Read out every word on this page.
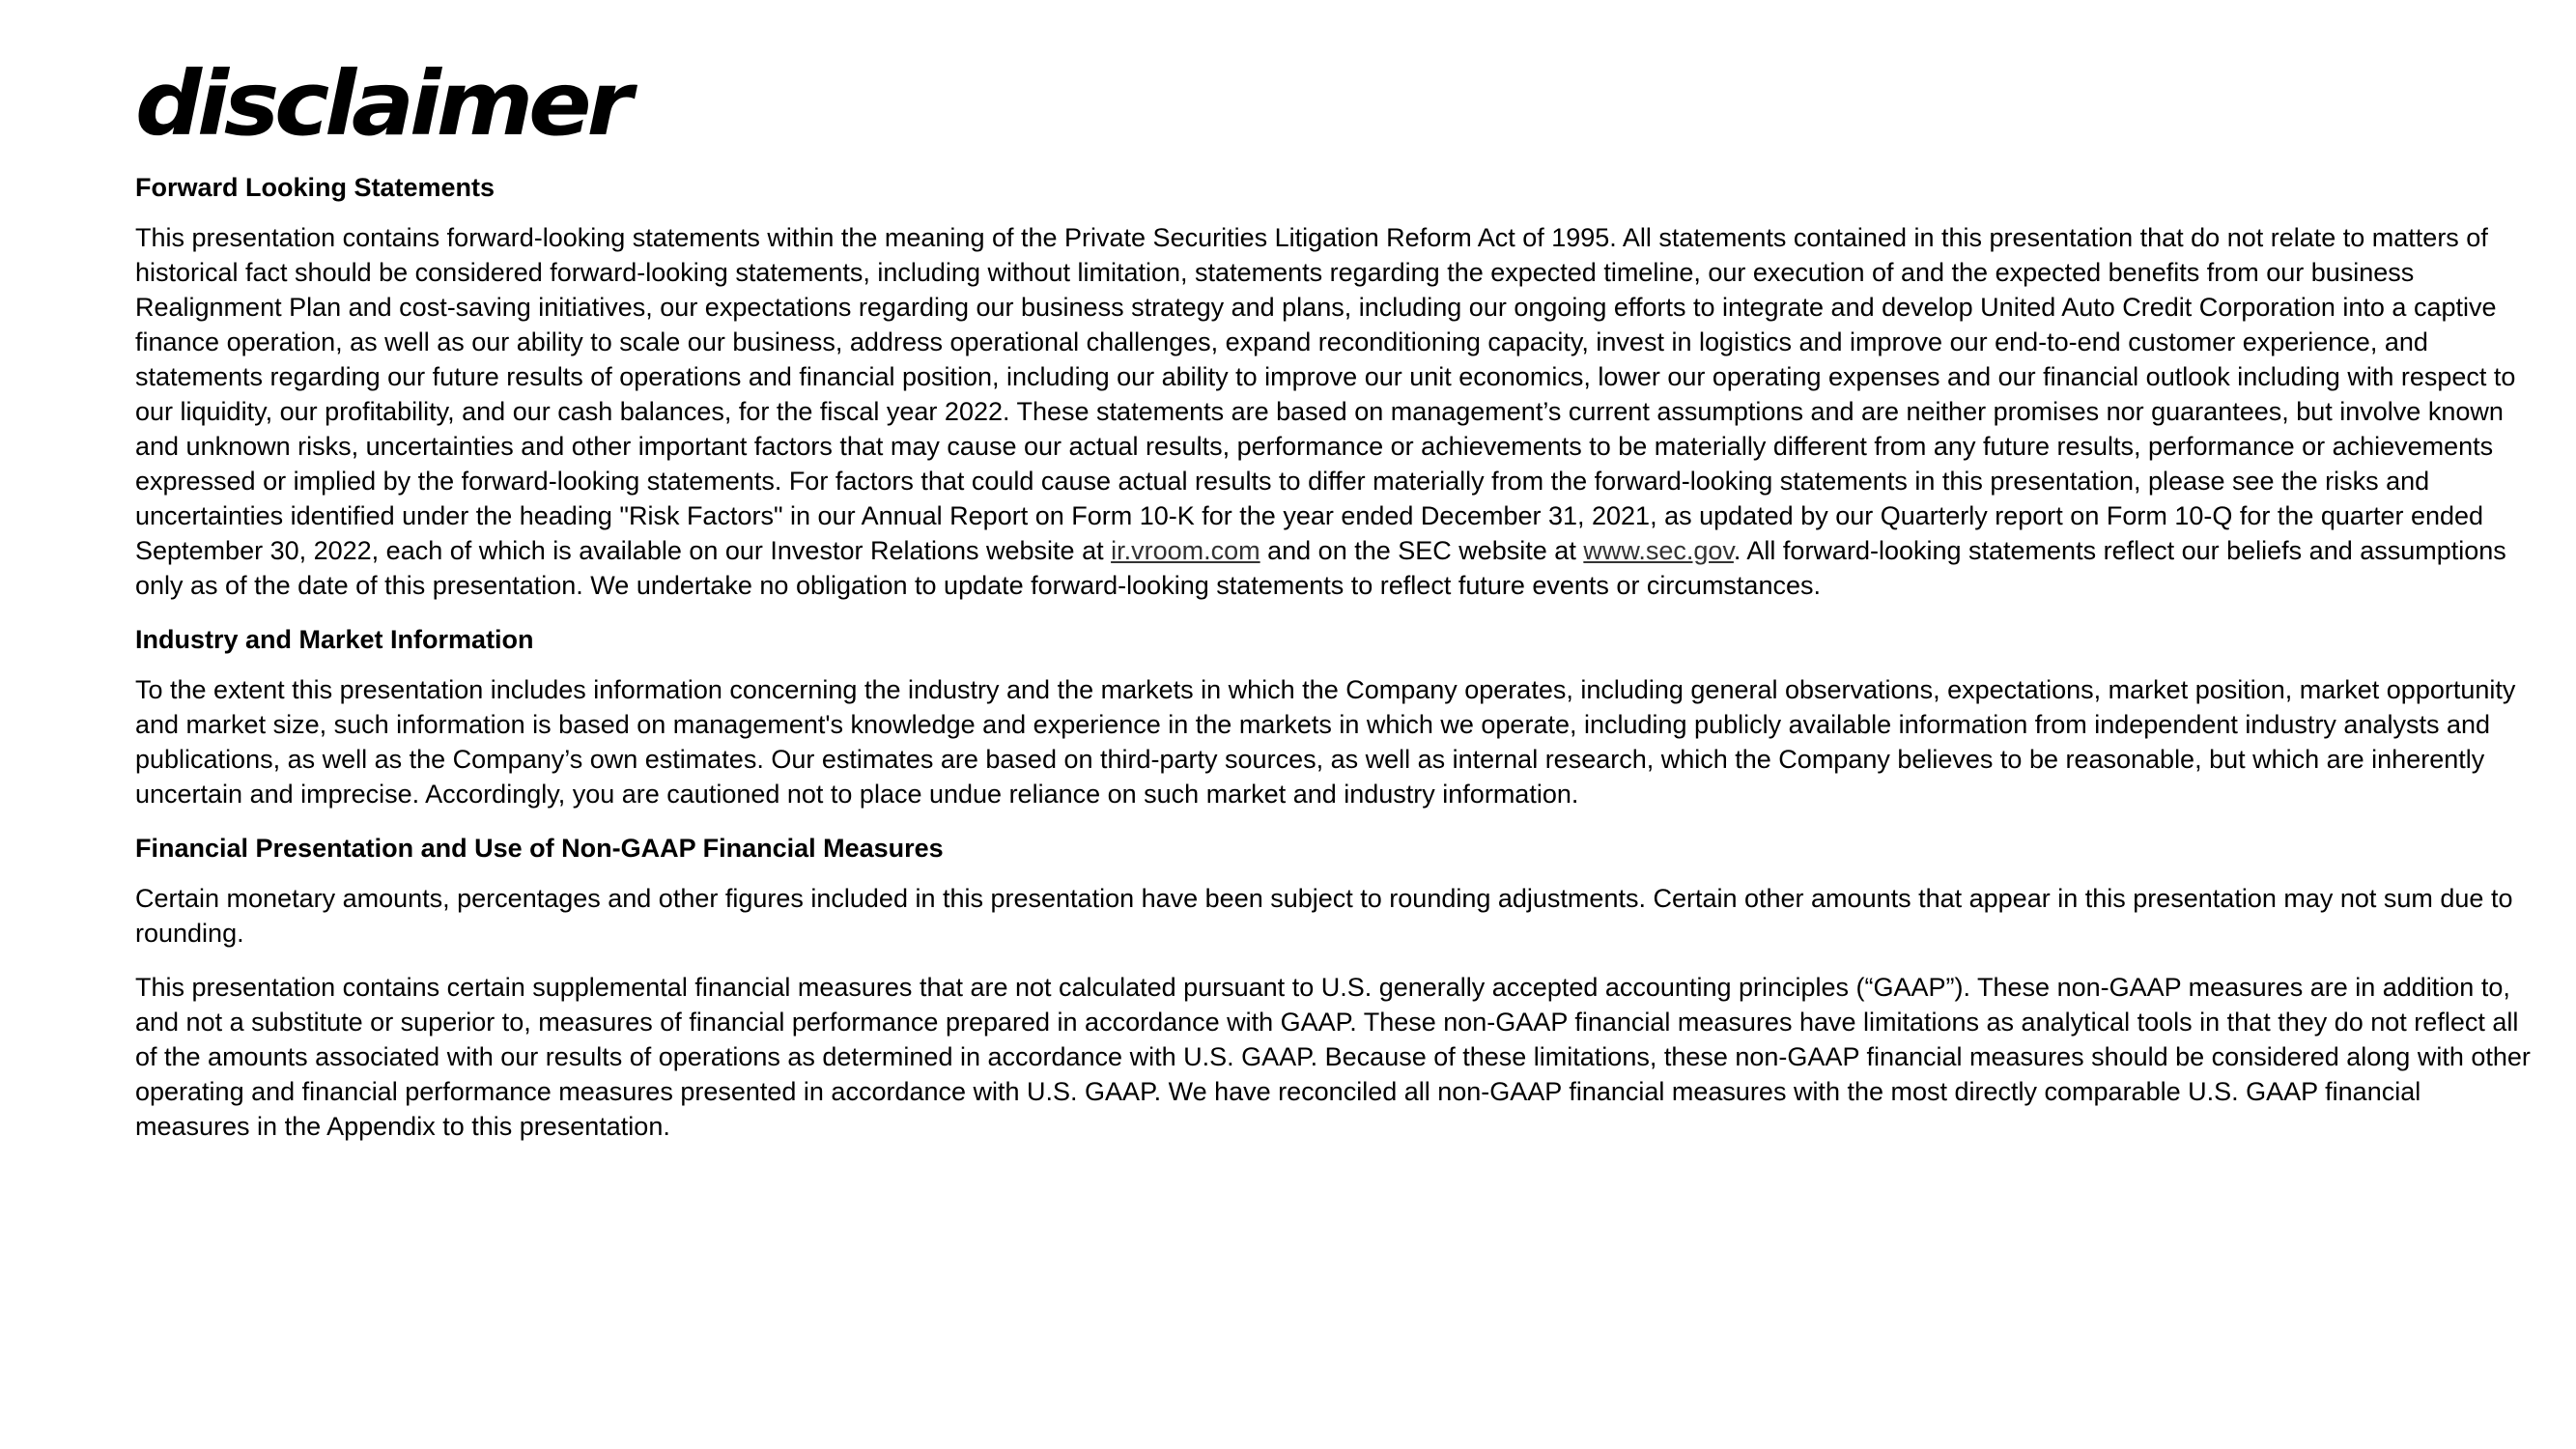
disclaimer
Forward Looking Statements

This presentation contains forward-looking statements within the meaning of the Private Securities Litigation Reform Act of 1995. All statements contained in this presentation that do not relate to matters of historical fact should be considered forward-looking statements, including without limitation, statements regarding the expected timeline, our execution of and the expected benefits from our business Realignment Plan and cost-saving initiatives, our expectations regarding our business strategy and plans, including our ongoing efforts to integrate and develop United Auto Credit Corporation into a captive finance operation, as well as our ability to scale our business, address operational challenges, expand reconditioning capacity, invest in logistics and improve our end-to-end customer experience, and statements regarding our future results of operations and financial position, including our ability to improve our unit economics, lower our operating expenses and our financial outlook including with respect to our liquidity, our profitability, and our cash balances, for the fiscal year 2022. These statements are based on management’s current assumptions and are neither promises nor guarantees, but involve known and unknown risks, uncertainties and other important factors that may cause our actual results, performance or achievements to be materially different from any future results, performance or achievements expressed or implied by the forward-looking statements. For factors that could cause actual results to differ materially from the forward-looking statements in this presentation, please see the risks and uncertainties identified under the heading "Risk Factors" in our Annual Report on Form 10-K for the year ended December 31, 2021, as updated by our Quarterly report on Form 10-Q for the quarter ended September 30, 2022, each of which is available on our Investor Relations website at ir.vroom.com and on the SEC website at www.sec.gov. All forward-looking statements reflect our beliefs and assumptions only as of the date of this presentation. We undertake no obligation to update forward-looking statements to reflect future events or circumstances.

Industry and Market Information

To the extent this presentation includes information concerning the industry and the markets in which the Company operates, including general observations, expectations, market position, market opportunity and market size, such information is based on management's knowledge and experience in the markets in which we operate, including publicly available information from independent industry analysts and publications, as well as the Company’s own estimates. Our estimates are based on third-party sources, as well as internal research, which the Company believes to be reasonable, but which are inherently uncertain and imprecise. Accordingly, you are cautioned not to place undue reliance on such market and industry information.

Financial Presentation and Use of Non-GAAP Financial Measures

Certain monetary amounts, percentages and other figures included in this presentation have been subject to rounding adjustments. Certain other amounts that appear in this presentation may not sum due to rounding.

This presentation contains certain supplemental financial measures that are not calculated pursuant to U.S. generally accepted accounting principles (“GAAP”). These non-GAAP measures are in addition to, and not a substitute or superior to, measures of financial performance prepared in accordance with GAAP. These non-GAAP financial measures have limitations as analytical tools in that they do not reflect all of the amounts associated with our results of operations as determined in accordance with U.S. GAAP. Because of these limitations, these non-GAAP financial measures should be considered along with other operating and financial performance measures presented in accordance with U.S. GAAP. We have reconciled all non-GAAP financial measures with the most directly comparable U.S. GAAP financial measures in the Appendix to this presentation.
